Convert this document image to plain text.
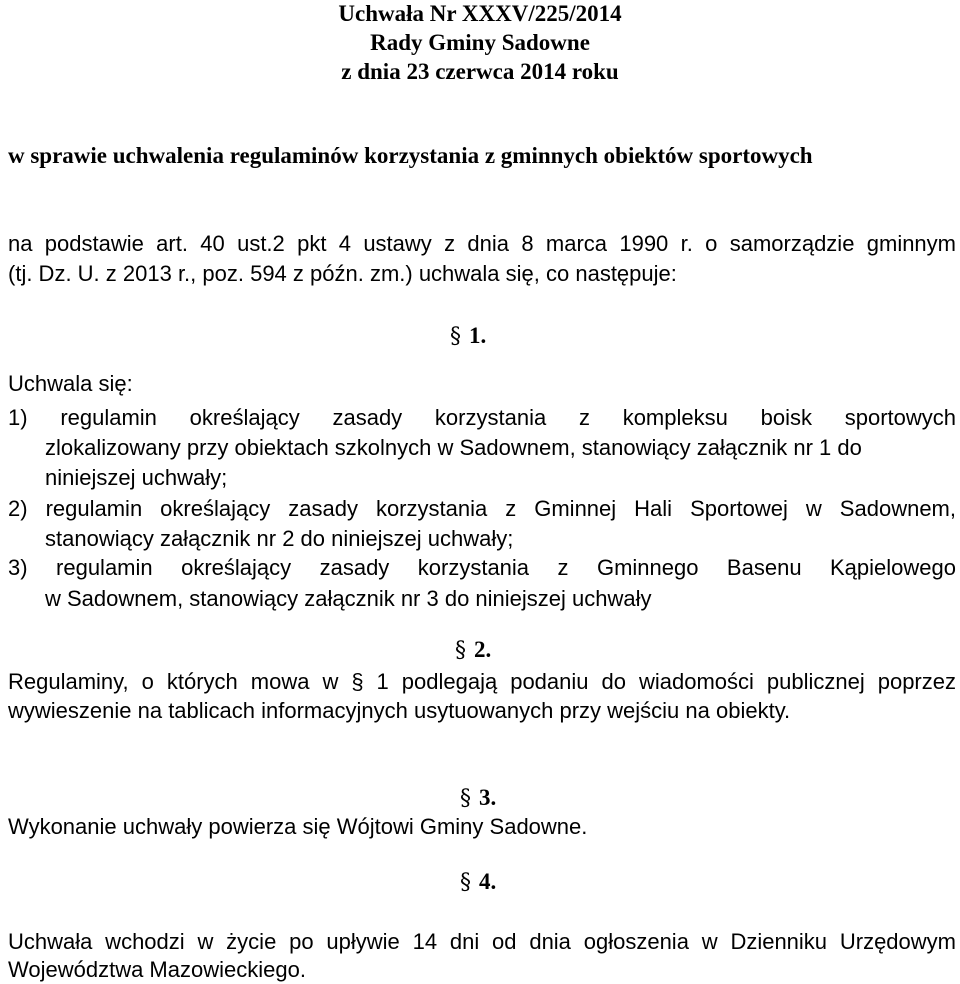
Uchwała Nr XXXV/225/2014
Rady Gminy Sadowne
z dnia 23 czerwca 2014 roku
w sprawie uchwalenia regulaminów korzystania z gminnych obiektów sportowych
na podstawie art. 40 ust.2 pkt 4 ustawy z dnia 8 marca 1990 r. o samorządzie gminnym
(tj. Dz. U. z 2013 r., poz. 594 z późn. zm.) uchwala się, co następuje:
§ 1.
Uchwala się:
1) regulamin określający zasady korzystania z kompleksu boisk sportowych
zlokalizowany przy obiektach szkolnych w Sadownem, stanowiący załącznik nr 1 do
niniejszej uchwały;
2) regulamin określający zasady korzystania z Gminnej Hali Sportowej w Sadownem,
stanowiący załącznik nr 2 do niniejszej uchwały;
3) regulamin określający zasady korzystania z Gminnego Basenu Kąpielowego
w Sadownem, stanowiący załącznik nr 3 do niniejszej uchwały
§ 2.
Regulaminy, o których mowa w § 1 podlegają podaniu do wiadomości publicznej poprzez
wywieszenie na tablicach informacyjnych usytuowanych przy wejściu na obiekty.
§ 3.
Wykonanie uchwały powierza się Wójtowi Gminy Sadowne.
§ 4.
Uchwała wchodzi w życie po upływie 14 dni od dnia ogłoszenia w Dzienniku Urzędowym
Województwa Mazowieckiego.
